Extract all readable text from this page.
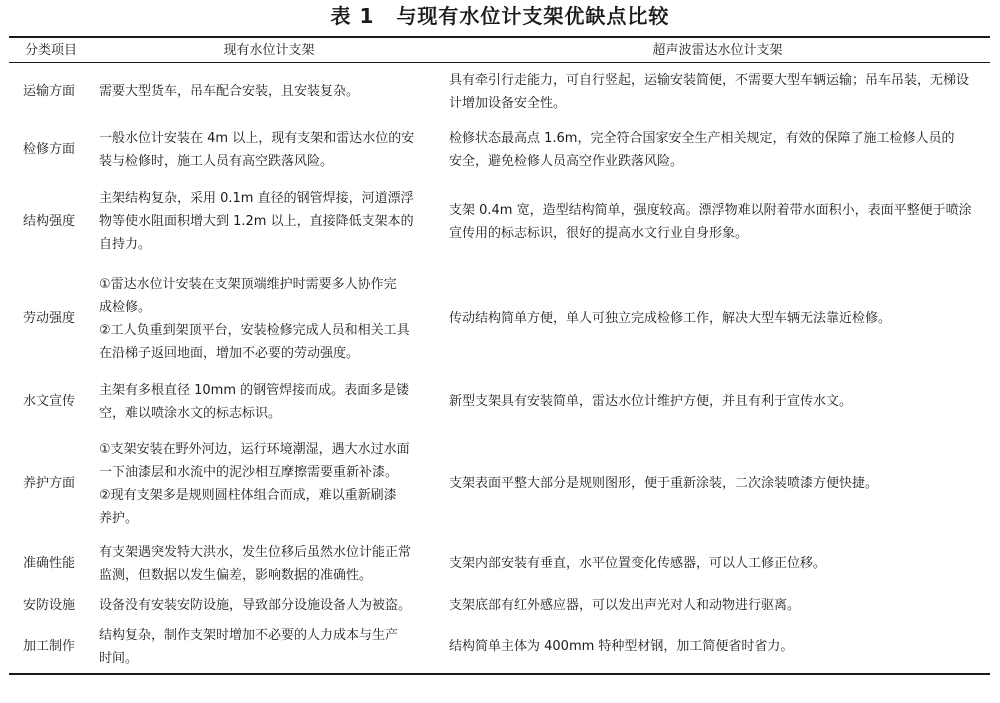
表 1 与现有水位计支架优缺点比较
分类项目	现有水位计支架	超声波雷达水位计支架
运输方面	需要大型货车，吊车配合安装，且安装复杂。	具有牵引行走能力，可自行竖起，运输安装简便，不需要大型车辆运输；吊车吊装，无梯设
计增加设备安全性。

检修方面	一般水位计安装在 4m 以上，现有支架和雷达水位的安
装与检修时，施工人员有高空跌落风险。	检修状态最高点 1.6m，完全符合国家安全生产相关规定，有效的保障了施工检修人员的
安全，避免检修人员高空作业跌落风险。

结构强度	主架结构复杂，采用 0.1m 直径的钢管焊接，河道漂浮
物等使水阻面积增大到 1.2m 以上，直接降低支架本的
自持力。	支架 0.4m 宽，造型结构简单，强度较高。漂浮物难以附着带水面积小，表面平整便于喷涂
宣传用的标志标识，很好的提高水文行业自身形象。

劳动强度	①雷达水位计安装在支架顶端维护时需要多人协作完
成检修。
②工人负重到架顶平台，安装检修完成人员和相关工具
在沿梯子返回地面，增加不必要的劳动强度。	传动结构简单方便，单人可独立完成检修工作，解决大型车辆无法靠近检修。

水文宣传	主架有多根直径 10mm 的钢管焊接而成。表面多是镂
空，难以喷涂水文的标志标识。	新型支架具有安装简单，雷达水位计维护方便，并且有利于宣传水文。

养护方面	①支架安装在野外河边，运行环境潮湿，遇大水过水面
一下油漆层和水流中的泥沙相互摩擦需要重新补漆。
②现有支架多是规则圆柱体组合而成，难以重新刷漆
养护。	支架表面平整大部分是规则图形，便于重新涂装，二次涂装喷漆方便快捷。

准确性能	有支架遇突发特大洪水，发生位移后虽然水位计能正常
监测，但数据以发生偏差，影响数据的准确性。	支架内部安装有垂直，水平位置变化传感器，可以人工修正位移。

安防设施	设备没有安装安防设施，导致部分设施设备人为被盗。	支架底部有红外感应器，可以发出声光对人和动物进行驱离。

加工制作	结构复杂，制作支架时增加不必要的人力成本与生产
时间。	结构简单主体为 400mm 特种型材钢，加工简便省时省力。
